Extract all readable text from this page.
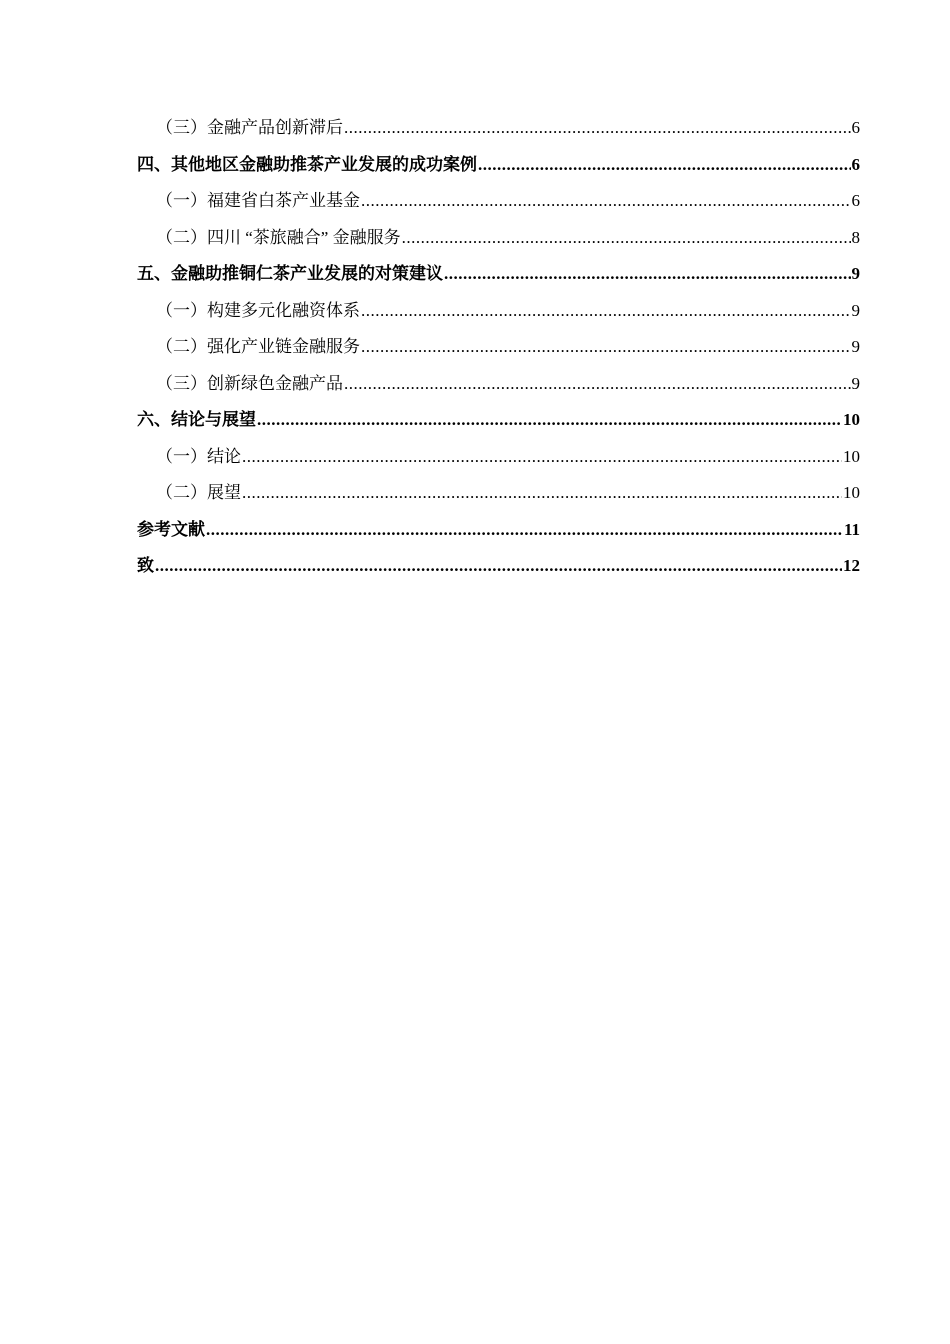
（三）金融产品创新滞后 .....	6
四、其他地区金融助推茶产业发展的成功案例 .....	6
（一）福建省白茶产业基金 .....	6
（二）四川 “茶旅融合” 金融服务 .....	8
五、金融助推铜仁茶产业发展的对策建议 .....	9
（一）构建多元化融资体系 .....	9
（二）强化产业链金融服务 .....	9
（三）创新绿色金融产品 .....	9
六、结论与展望 .....	10
（一）结论 .....	10
（二）展望 .....	10
参考文献 .....	11
致 .....	12
